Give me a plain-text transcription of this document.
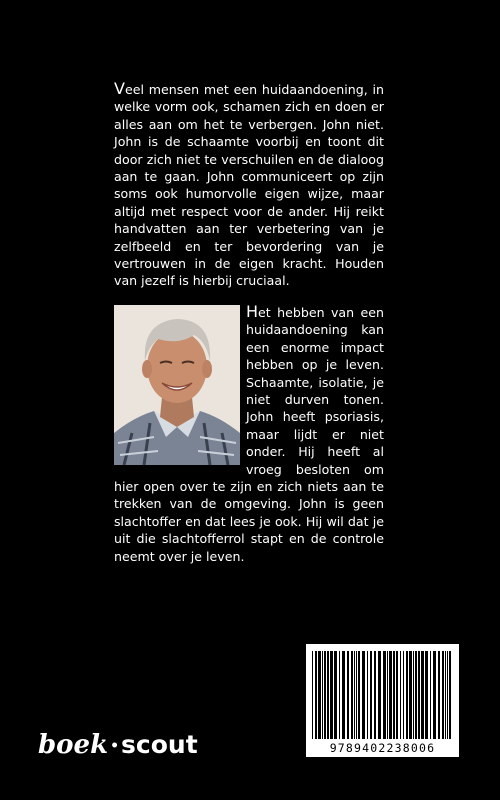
Veel mensen met een huidaandoening, in welke vorm ook, schamen zich en doen er alles aan om het te verbergen. John niet. John is de schaamte voorbij en toont dit door zich niet te verschuilen en de dialoog aan te gaan. John communiceert op zijn soms ook humorvolle eigen wijze, maar altijd met respect voor de ander. Hij reikt handvatten aan ter verbetering van je zelfbeeld en ter bevordering van je vertrouwen in de eigen kracht. Houden van jezelf is hierbij cruciaal.
Het hebben van een huidaandoening kan een enorme impact hebben op je leven. Schaamte, isolatie, je niet durven tonen. John heeft psoriasis, maar lijdt er niet onder. Hij heeft al vroeg besloten om hier open over te zijn en zich niets aan te trekken van de omgeving. John is geen slachtoffer en dat lees je ook. Hij wil dat je uit die slachtofferrol stapt en de controle neemt over je leven.
9789402238006
boek •scout
